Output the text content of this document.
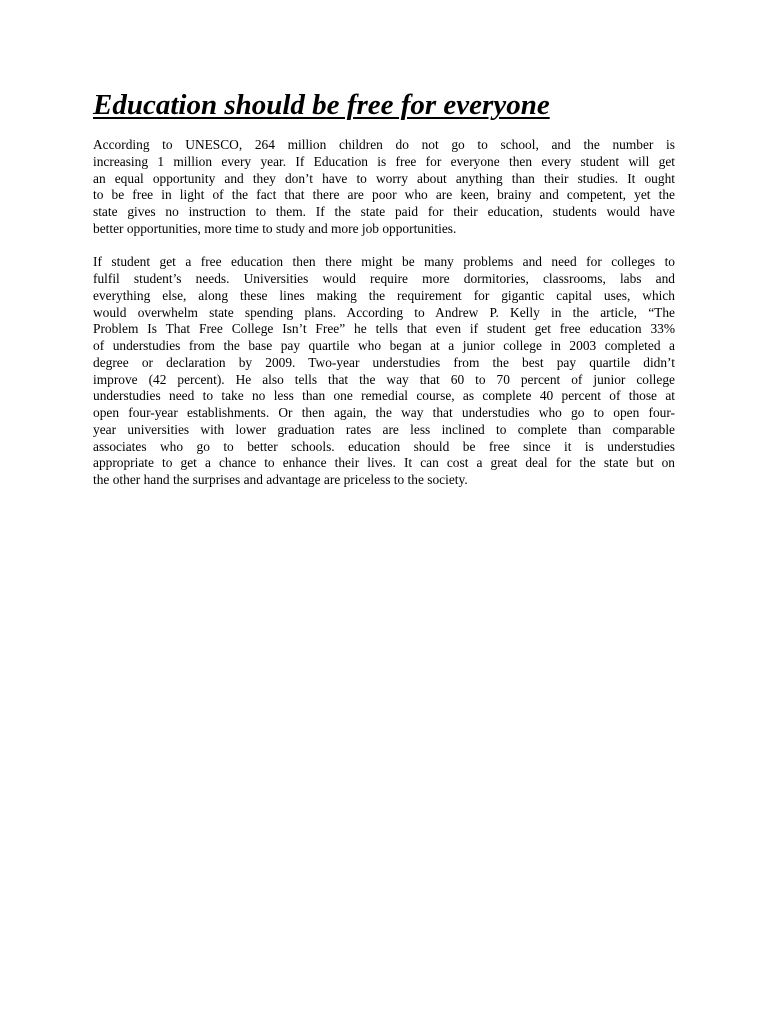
Education should be free for everyone
According to UNESCO, 264 million children do not go to school, and the number is
increasing 1 million every year. If Education is free for everyone then every student will get
an equal opportunity and they don’t have to worry about anything than their studies. It ought
to be free in light of the fact that there are poor who are keen, brainy and competent, yet the
state gives no instruction to them. If the state paid for their education, students would have
better opportunities, more time to study and more job opportunities.
If student get a free education then there might be many problems and need for colleges to
fulfil student’s needs. Universities would require more dormitories, classrooms, labs and
everything else, along these lines making the requirement for gigantic capital uses, which
would overwhelm state spending plans. According to Andrew P. Kelly in the article, “The
Problem Is That Free College Isn’t Free” he tells that even if student get free education 33%
of understudies from the base pay quartile who began at a junior college in 2003 completed a
degree or declaration by 2009. Two-year understudies from the best pay quartile didn’t
improve (42 percent). He also tells that the way that 60 to 70 percent of junior college
understudies need to take no less than one remedial course, as complete 40 percent of those at
open four-year establishments. Or then again, the way that understudies who go to open four-
year universities with lower graduation rates are less inclined to complete than comparable
associates who go to better schools. education should be free since it is understudies
appropriate to get a chance to enhance their lives. It can cost a great deal for the state but on
the other hand the surprises and advantage are priceless to the society.
